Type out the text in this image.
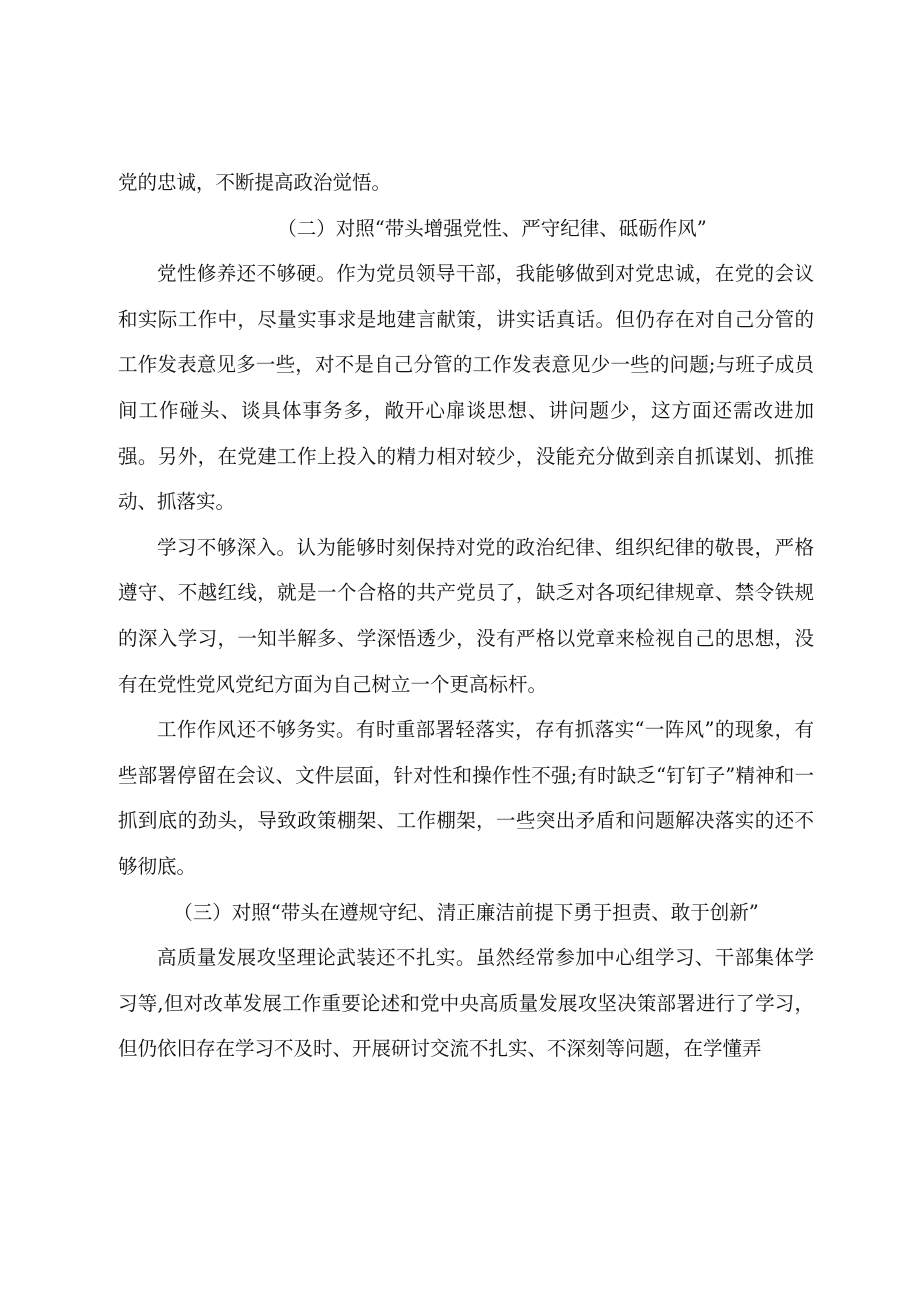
党的忠诚，不断提高政治觉悟。

（二）对照“带头增强党性、严守纪律、砥砺作风”

党性修养还不够硬。作为党员领导干部，我能够做到对党忠诚，在党的会议和实际工作中，尽量实事求是地建言献策，讲实话真话。但仍存在对自己分管的工作发表意见多一些，对不是自己分管的工作发表意见少一些的问题;与班子成员间工作碰头、谈具体事务多，敞开心扉谈思想、讲问题少，这方面还需改进加强。另外，在党建工作上投入的精力相对较少，没能充分做到亲自抓谋划、抓推动、抓落实。

学习不够深入。认为能够时刻保持对党的政治纪律、组织纪律的敬畏，严格遵守、不越红线，就是一个合格的共产党员了，缺乏对各项纪律规章、禁令铁规的深入学习，一知半解多、学深悟透少，没有严格以党章来检视自己的思想，没有在党性党风党纪方面为自己树立一个更高标杆。

工作作风还不够务实。有时重部署轻落实，存有抓落实“一阵风”的现象，有些部署停留在会议、文件层面，针对性和操作性不强;有时缺乏“钉钉子”精神和一抓到底的劲头，导致政策棚架、工作棚架，一些突出矛盾和问题解决落实的还不够彻底。

（三）对照“带头在遵规守纪、清正廉洁前提下勇于担责、敢于创新”

高质量发展攻坚理论武装还不扎实。虽然经常参加中心组学习、干部集体学习等,但对改革发展工作重要论述和党中央高质量发展攻坚决策部署进行了学习，但仍依旧存在学习不及时、开展研讨交流不扎实、不深刻等问题，在学懂弄
